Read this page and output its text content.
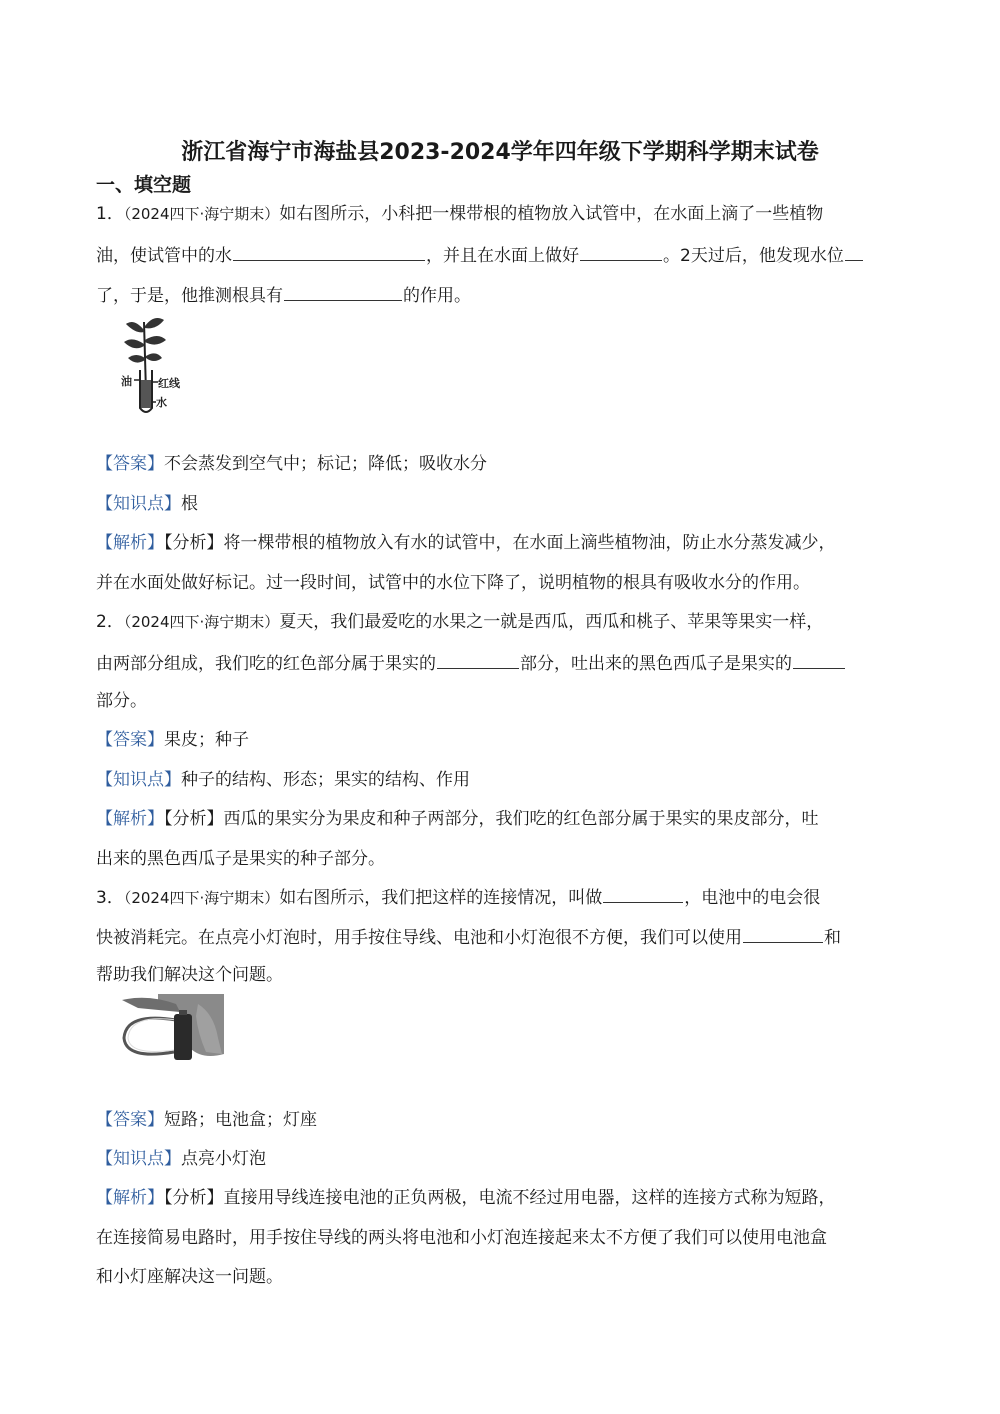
浙江省海宁市海盐县2023-2024学年四年级下学期科学期末试卷
一、填空题
1．（2024四下·海宁期末）如右图所示，小科把一棵带根的植物放入试管中，在水面上滴了一些植物
油，使试管中的水	，并且在水面上做好	。2天过后，他发现水位
了，于是，他推测根具有	的作用。
油 红线
水
【答案】不会蒸发到空气中；标记；降低；吸收水分
【知识点】根
【解析】【分析】将一棵带根的植物放入有水的试管中，在水面上滴些植物油，防止水分蒸发减少，
并在水面处做好标记。过一段时间，试管中的水位下降了，说明植物的根具有吸收水分的作用。
2．（2024四下·海宁期末）夏天，我们最爱吃的水果之一就是西瓜，西瓜和桃子、苹果等果实一样，
由两部分组成，我们吃的红色部分属于果实的	部分，吐出来的黑色西瓜子是果实的
部分。
【答案】果皮；种子
【知识点】种子的结构、形态；果实的结构、作用
【解析】【分析】西瓜的果实分为果皮和种子两部分，我们吃的红色部分属于果实的果皮部分，吐
出来的黑色西瓜子是果实的种子部分。
3．（2024四下·海宁期末）如右图所示，我们把这样的连接情况，叫做	，电池中的电会很
快被消耗完。在点亮小灯泡时，用手按住导线、电池和小灯泡很不方便，我们可以使用	和
帮助我们解决这个问题。
【答案】短路；电池盒；灯座
【知识点】点亮小灯泡
【解析】【分析】直接用导线连接电池的正负两极，电流不经过用电器，这样的连接方式称为短路，
在连接简易电路时，用手按住导线的两头将电池和小灯泡连接起来太不方便了我们可以使用电池盒
和小灯座解决这一问题。
